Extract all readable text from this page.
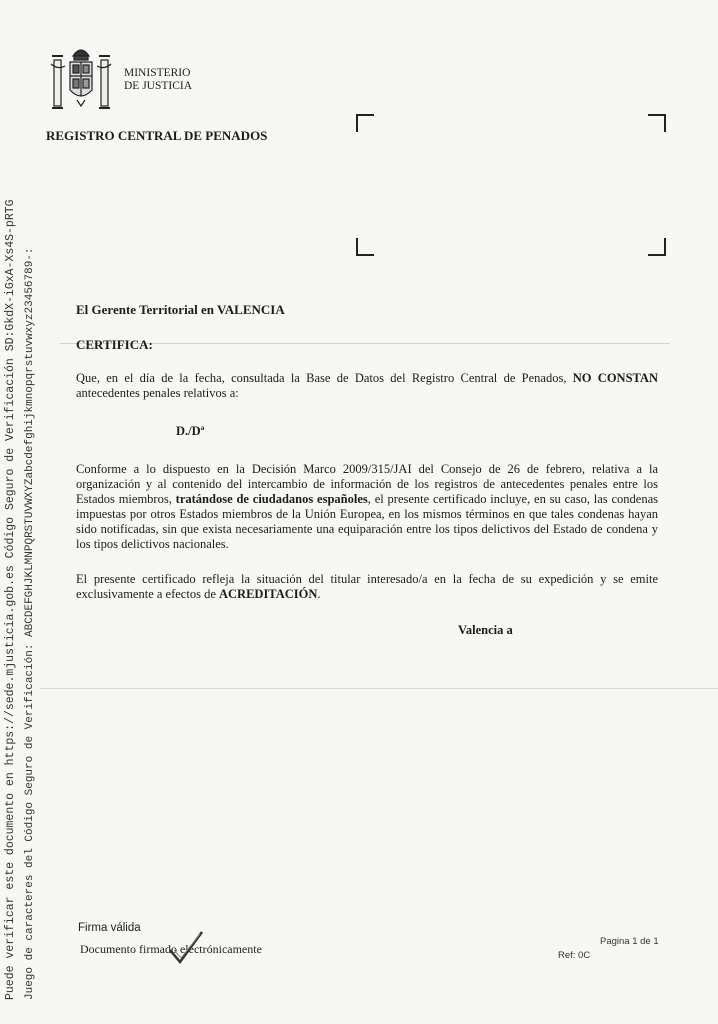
Puede verificar este documento en https://sede.mjusticia.gob.es Código Seguro de Verificación SD:GkdX-iGxA-Xs4S-pRTG Juego de caracteres del Código Seguro de Verificación: ABCDEFGHJKLMNPQRSTUVWXYZabcdefghijkmnopqrstuvwxyz23456789-:
MINISTERIO
DE JUSTICIA
REGISTRO CENTRAL DE PENADOS
El Gerente Territorial en VALENCIA
CERTIFICA:
Que, en el día de la fecha, consultada la Base de Datos del Registro Central de Penados, NO CONSTAN antecedentes penales relativos a:
D./Dª
Conforme a lo dispuesto en la Decisión Marco 2009/315/JAI del Consejo de 26 de febrero, relativa a la organización y al contenido del intercambio de información de los registros de antecedentes penales entre los Estados miembros, tratándose de ciudadanos españoles, el presente certificado incluye, en su caso, las condenas impuestas por otros Estados miembros de la Unión Europea, en los mismos términos en que tales condenas hayan sido notificadas, sin que exista necesariamente una equiparación entre los tipos delictivos del Estado de condena y los tipos delictivos nacionales.
El presente certificado refleja la situación del titular interesado/a en la fecha de su expedición y se emite exclusivamente a efectos de ACREDITACIÓN.
Valencia a
Firma válida
Documento firmado electrónicamente
Pagina 1 de 1
Ref: 0C
